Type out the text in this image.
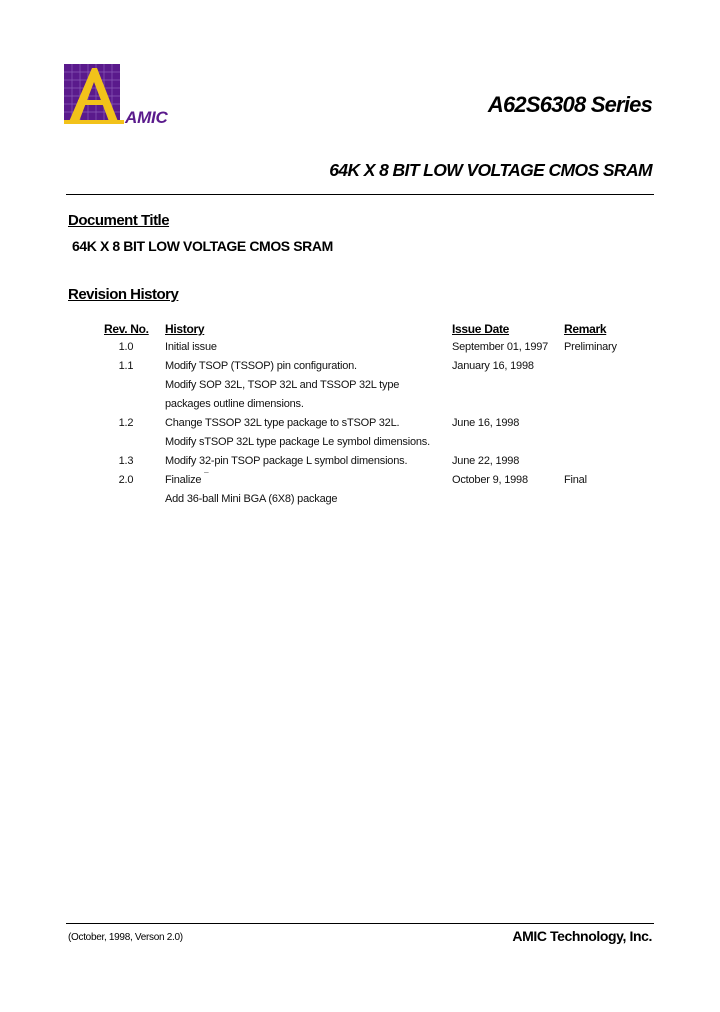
AMIC
A62S6308 Series
64K X 8 BIT LOW VOLTAGE CMOS SRAM
Document Title
64K X 8 BIT LOW VOLTAGE CMOS SRAM
Revision History
Rev. No. History	Issue Date	Remark
1.0	Initial issue	September 01, 1997 Preliminary
1.1	Modify TSOP (TSSOP) pin configuration.	January 16, 1998
Modify SOP 32L, TSOP 32L and TSSOP 32L type
packages outline dimensions.
1.2	Change TSSOP 32L type package to sTSOP 32L.	June 16, 1998
Modify sTSOP 32L type package Le symbol dimensions.
1.3	Modify 32-pin TSOP package L symbol dimensions.	June 22, 1998
2.0	Finalize ¯	October 9, 1998	Final
Add 36-ball Mini BGA (6X8) package
(October, 1998, Verson 2.0)	AMIC Technology, Inc.
